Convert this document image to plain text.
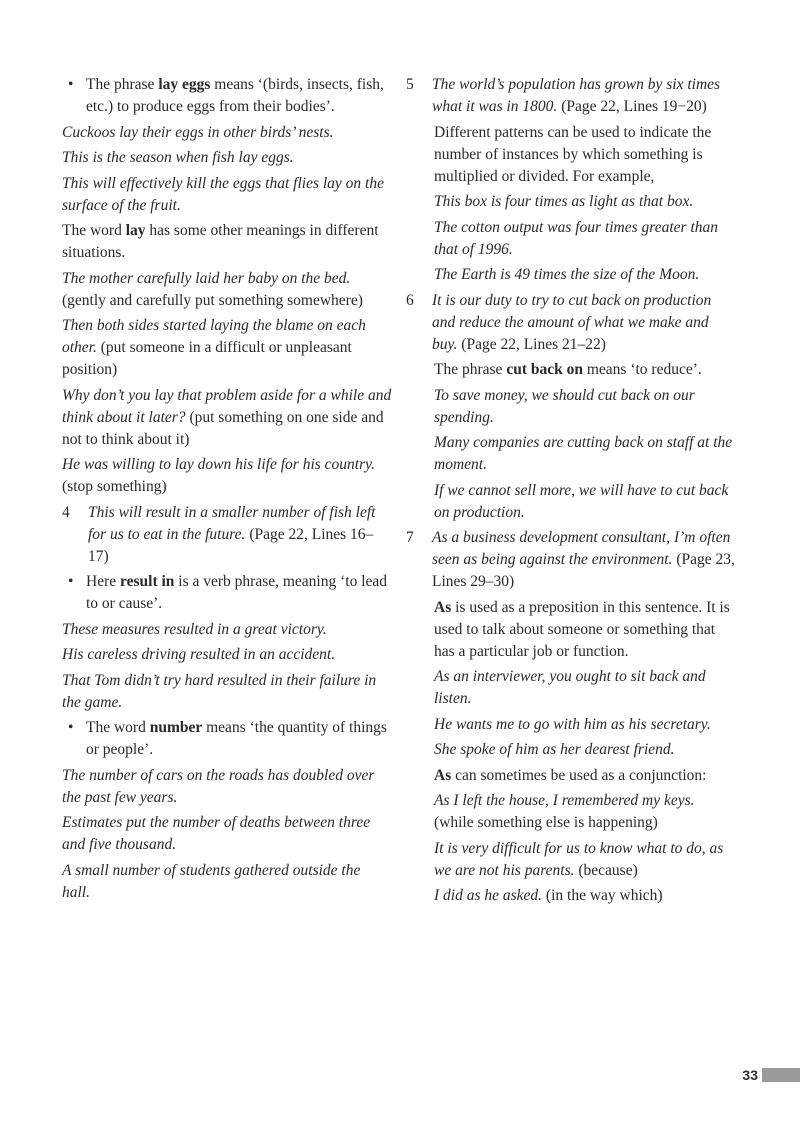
• The phrase lay eggs means ‘(birds, insects, fish, etc.) to produce eggs from their bodies’.
Cuckoos lay their eggs in other birds’ nests.
This is the season when fish lay eggs.
This will effectively kill the eggs that flies lay on the surface of the fruit.
The word lay has some other meanings in different situations.
The mother carefully laid her baby on the bed. (gently and carefully put something somewhere)
Then both sides started laying the blame on each other. (put someone in a difficult or unpleasant position)
Why don’t you lay that problem aside for a while and think about it later? (put something on one side and not to think about it)
He was willing to lay down his life for his country. (stop something)
4	This will result in a smaller number of fish left for us to eat in the future. (Page 22, Lines 16–17)
• Here result in is a verb phrase, meaning ‘to lead to or cause’.
These measures resulted in a great victory.
His careless driving resulted in an accident.
That Tom didn’t try hard resulted in their failure in the game.
• The word number means ‘the quantity of things or people’.
The number of cars on the roads has doubled over the past few years.
Estimates put the number of deaths between three and five thousand.
A small number of students gathered outside the hall.
5	The world’s population has grown by six times what it was in 1800. (Page 22, Lines 19−20)
Different patterns can be used to indicate the number of instances by which something is multiplied or divided. For example,
This box is four times as light as that box.
The cotton output was four times greater than that of 1996.
The Earth is 49 times the size of the Moon.
6	It is our duty to try to cut back on production and reduce the amount of what we make and buy. (Page 22, Lines 21–22)
The phrase cut back on means ‘to reduce’.
To save money, we should cut back on our spending.
Many companies are cutting back on staff at the moment.
If we cannot sell more, we will have to cut back on production.
7	As a business development consultant, I’m often seen as being against the environment. (Page 23, Lines 29–30)
As is used as a preposition in this sentence. It is used to talk about someone or something that has a particular job or function.
As an interviewer, you ought to sit back and listen.
He wants me to go with him as his secretary.
She spoke of him as her dearest friend.
As can sometimes be used as a conjunction:
As I left the house, I remembered my keys. (while something else is happening)
It is very difficult for us to know what to do, as we are not his parents. (because)
I did as he asked. (in the way which)
33
